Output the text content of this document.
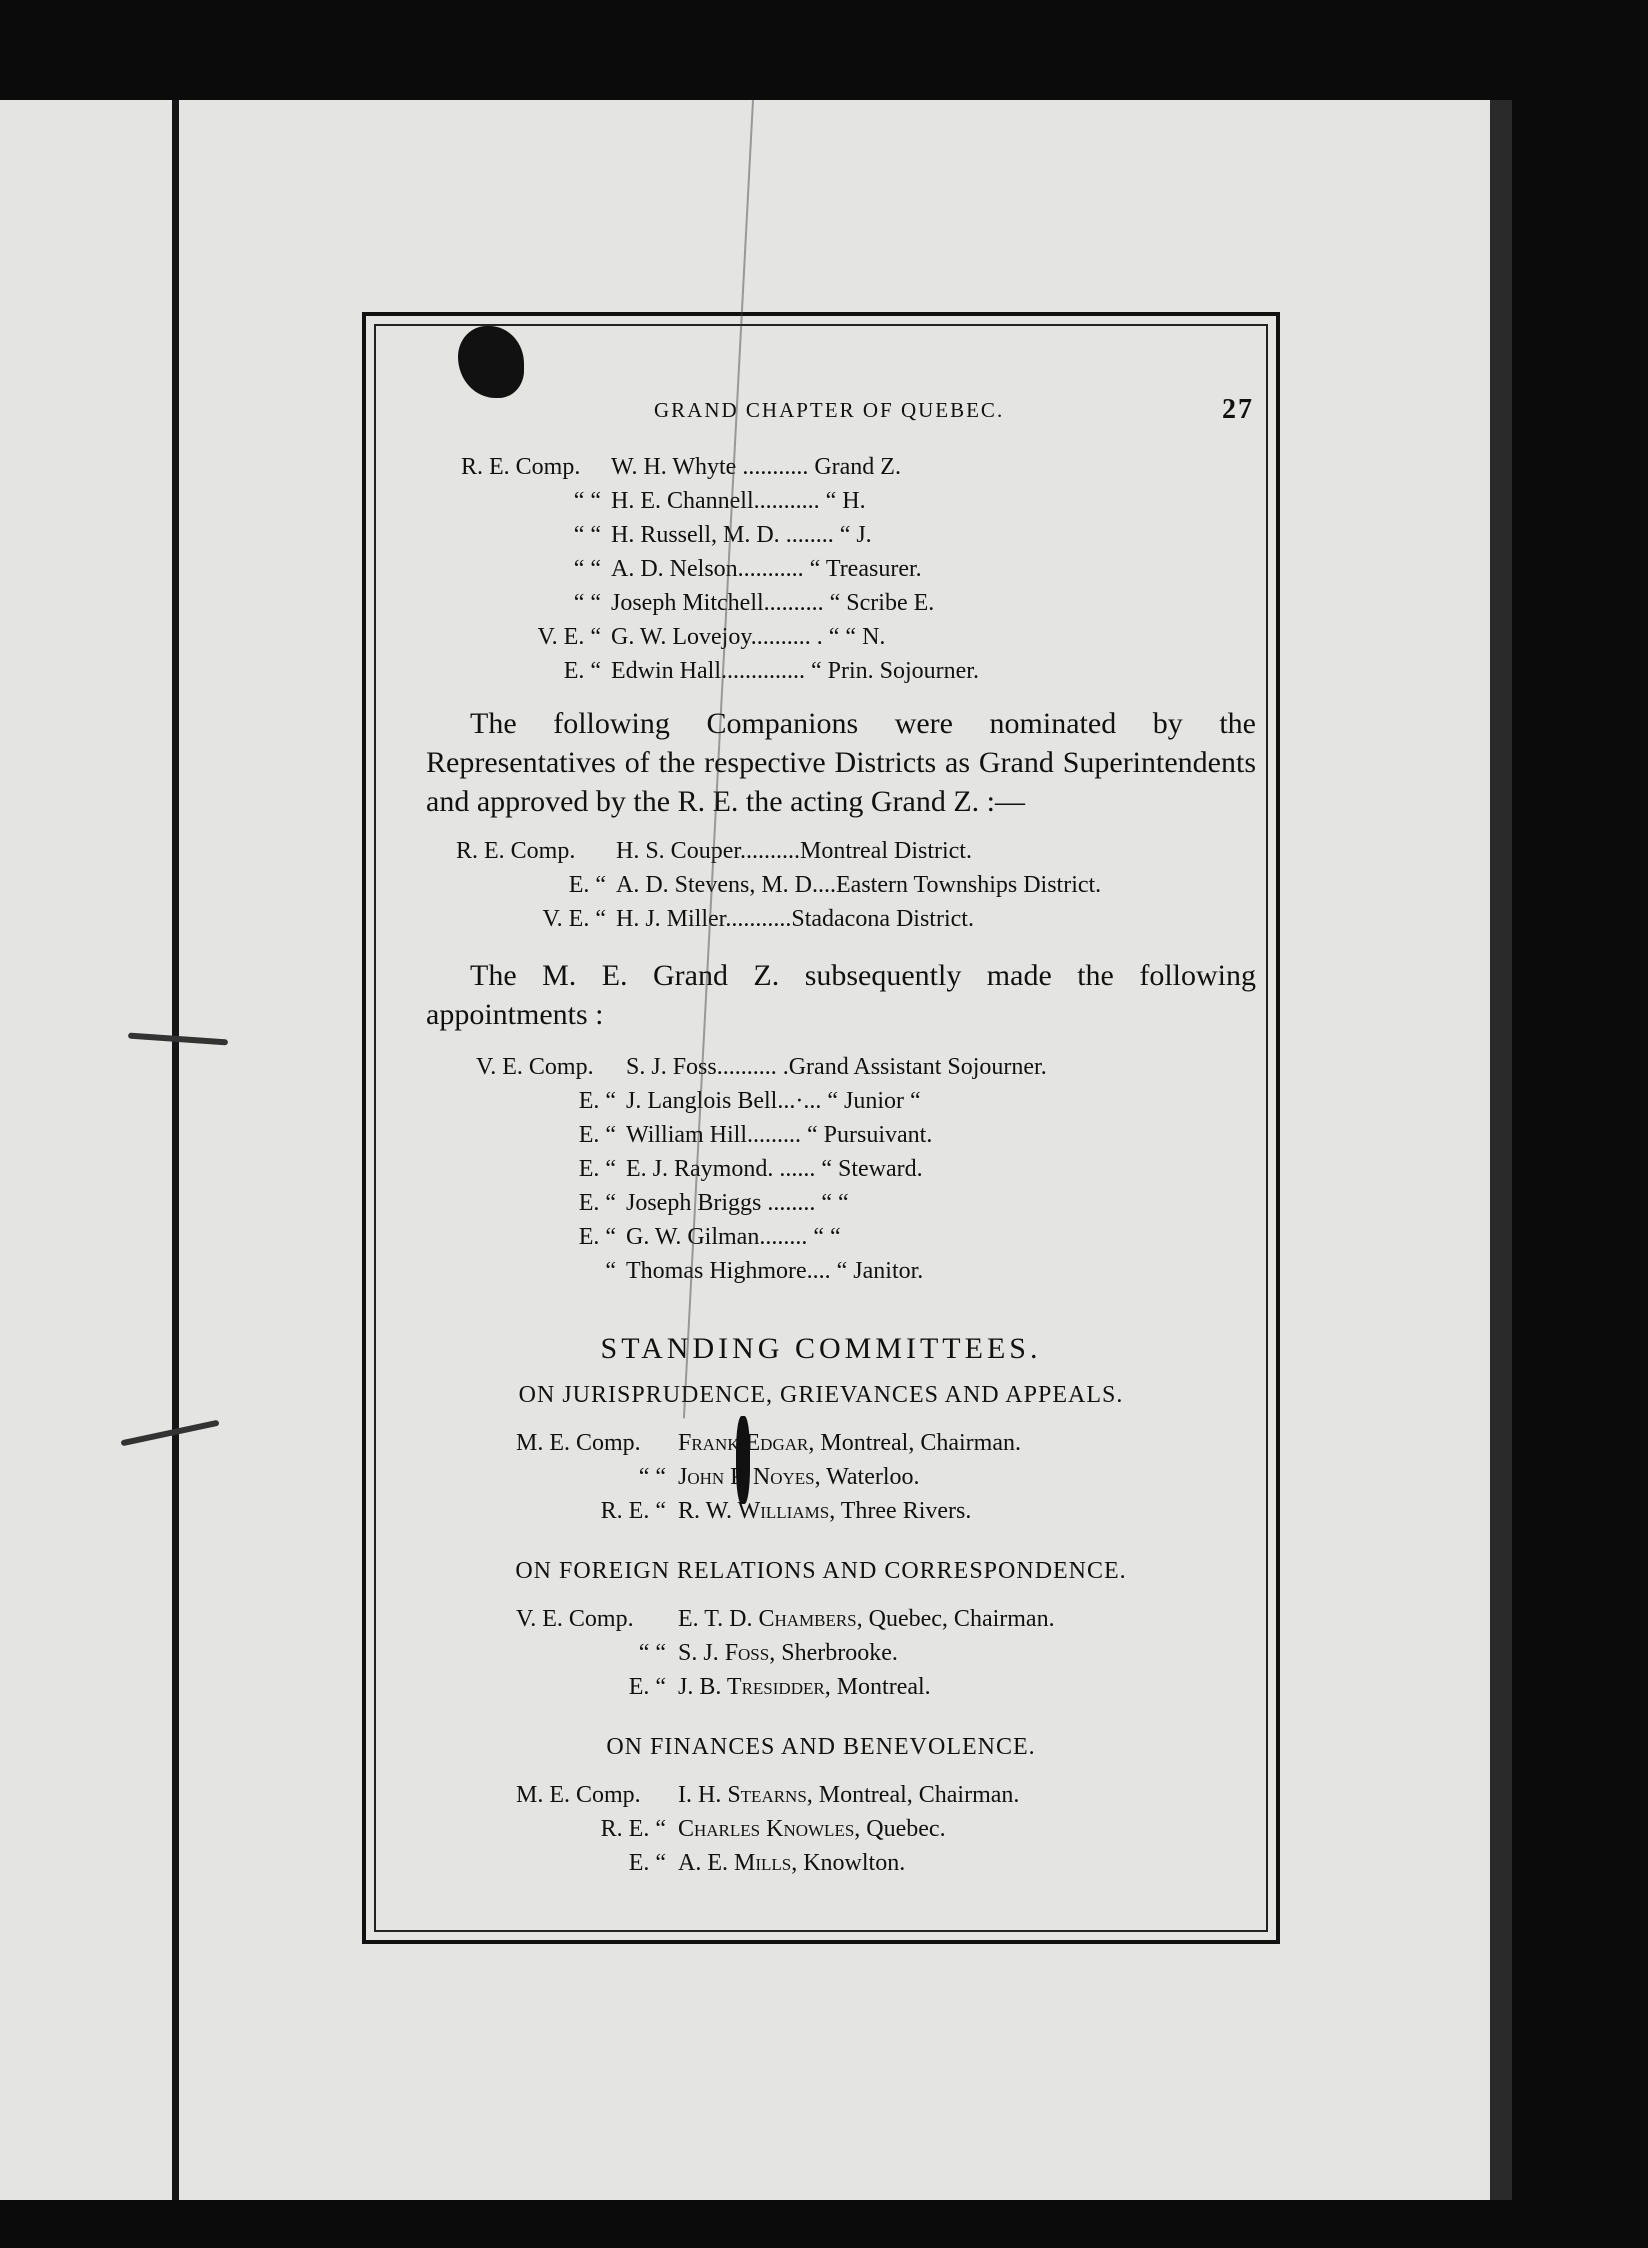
GRAND CHAPTER OF QUEBEC.	27
R. E. Comp. W. H. Whyte ........... Grand Z.
“ “ H. E. Channell........... “ H.
“ “ H. Russell, M. D. ........ “ J.
“ “ A. D. Nelson........... “ Treasurer.
“ “ Joseph Mitchell.......... “ Scribe E.
V. E. “ G. W. Lovejoy.......... . “ “ N.
E. “ Edwin Hall.............. “ Prin. Sojourner.
The following Companions were nominated by the Representatives of the respective Districts as Grand Superintendents and approved by the R. E. the acting Grand Z. :—
R. E. Comp. H. S. Couper..........Montreal District.
E. “ A. D. Stevens, M. D....Eastern Townships District.
V. E. “ H. J. Miller...........Stadacona District.
The M. E. Grand Z. subsequently made the following appointments :
V. E. Comp. S. J. Foss.......... .Grand Assistant Sojourner.
E. “ J. Langlois Bell...·... “ Junior “
E. “ William Hill......... “ Pursuivant.
E. “ E. J. Raymond. ...... “ Steward.
E. “ Joseph Briggs ........ “ “
E. “ G. W. Gilman........ “ “
“ Thomas Highmore.... “ Janitor.
STANDING COMMITTEES.
ON JURISPRUDENCE, GRIEVANCES AND APPEALS.
M. E. Comp. Frank Edgar, Montreal, Chairman.
“ “ John P. Noyes, Waterloo.
R. E. “ R. W. Williams, Three Rivers.
ON FOREIGN RELATIONS AND CORRESPONDENCE.
V. E. Comp. E. T. D. Chambers, Quebec, Chairman.
“ “ S. J. Foss, Sherbrooke.
E. “ J. B. Tresidder, Montreal.
ON FINANCES AND BENEVOLENCE.
M. E. Comp. I. H. Stearns, Montreal, Chairman.
R. E. “ Charles Knowles, Quebec.
E. “ A. E. Mills, Knowlton.
